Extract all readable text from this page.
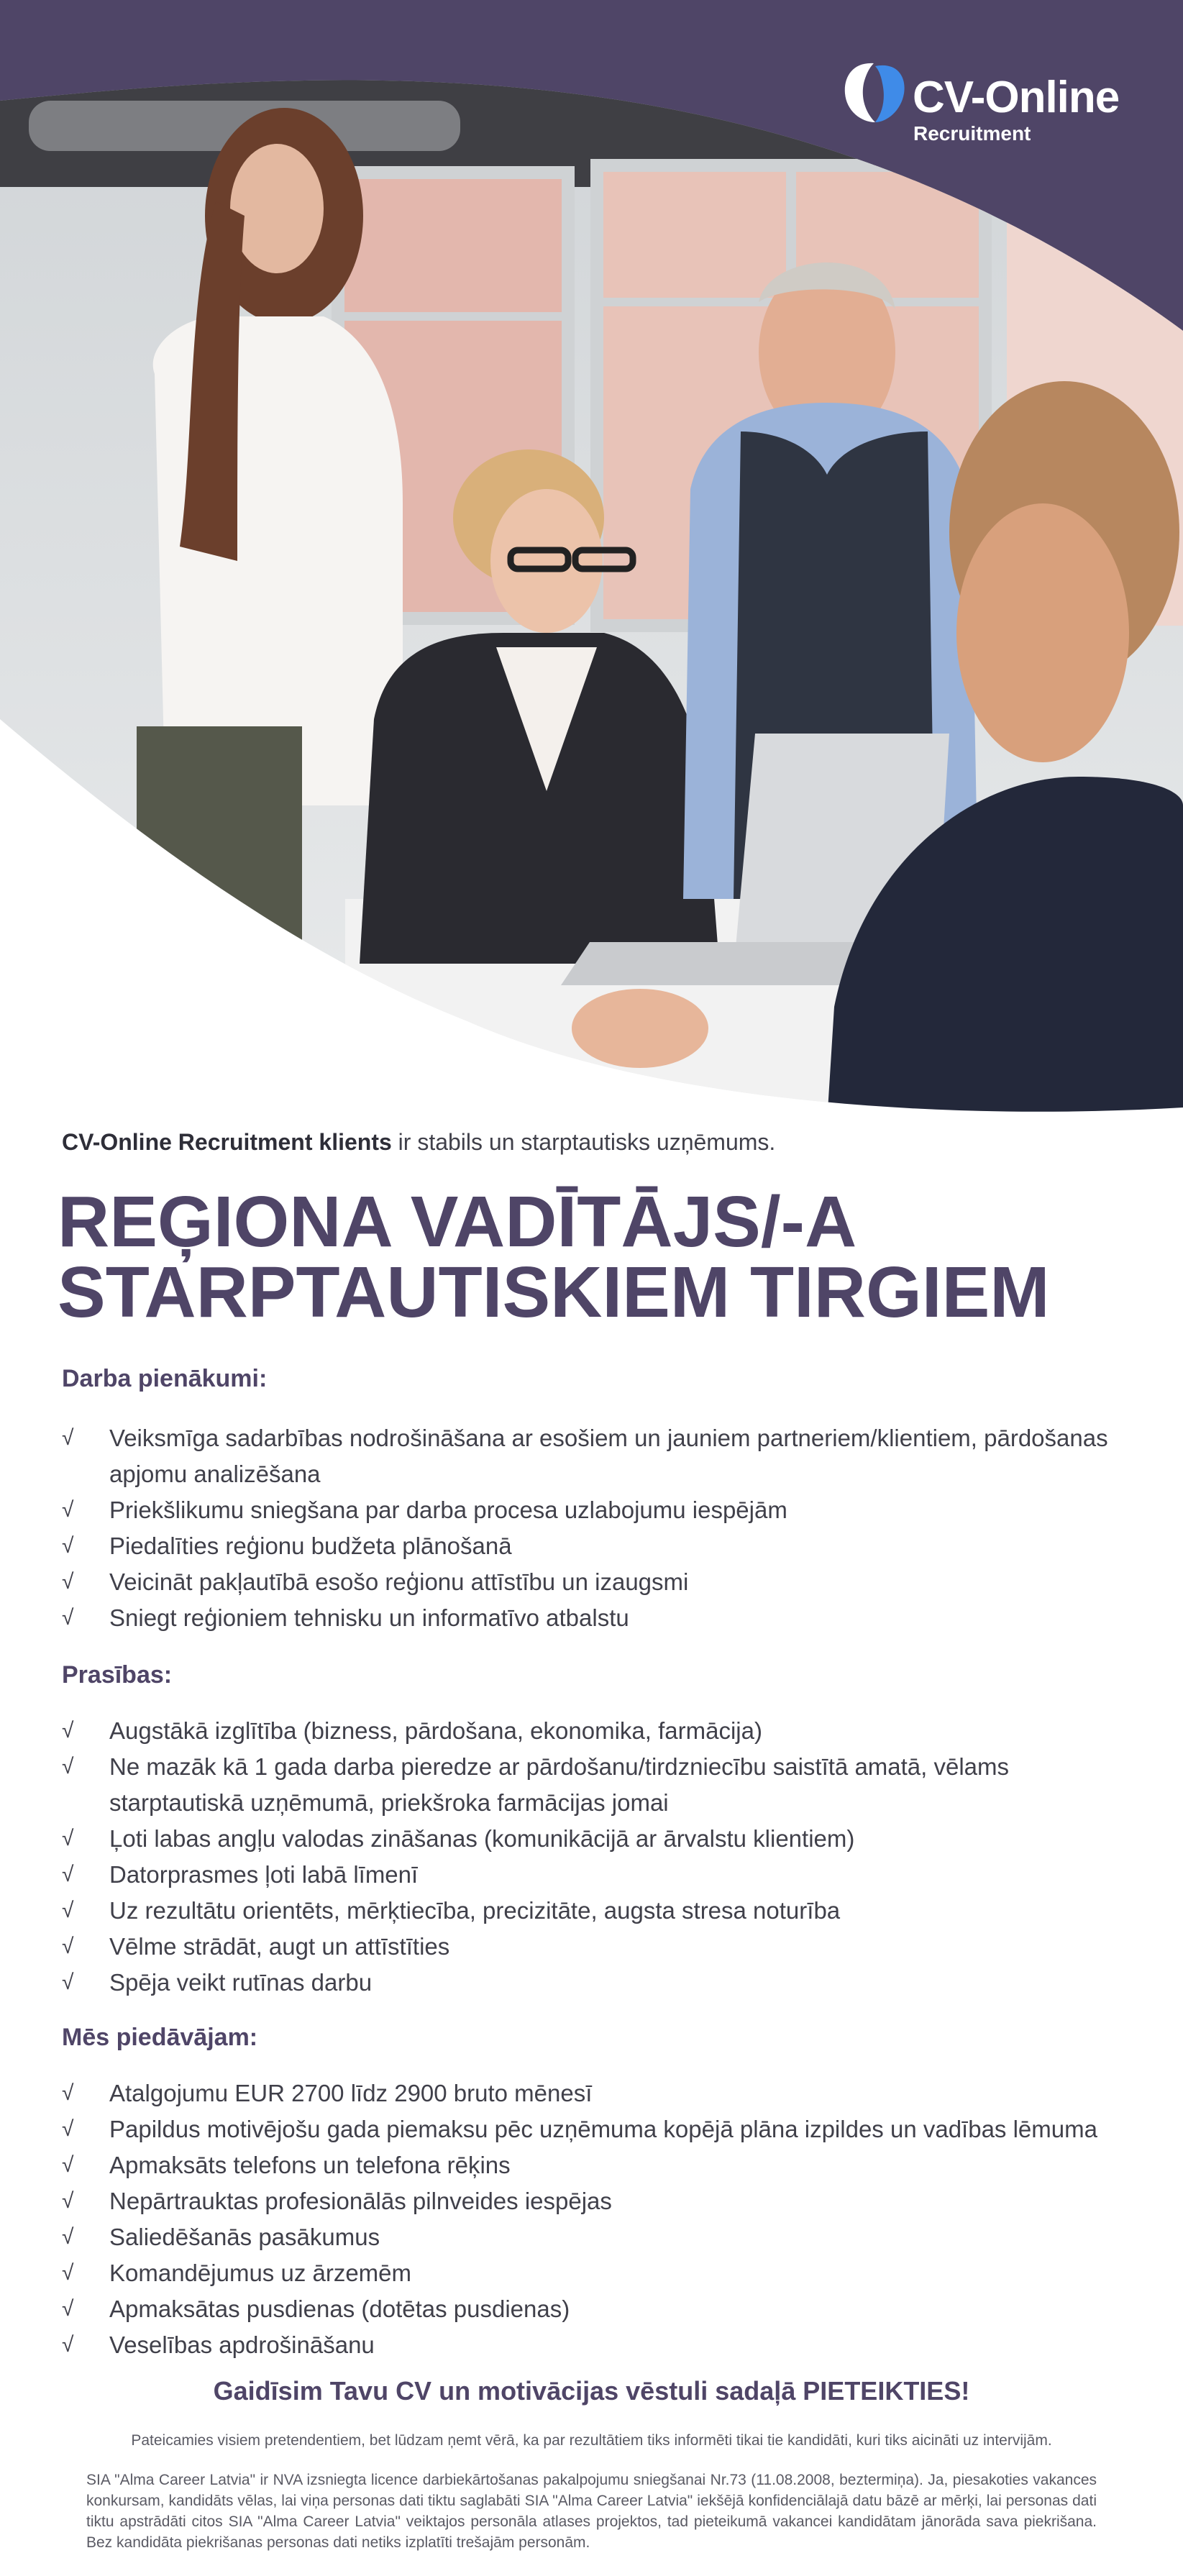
CV-Online
Recruitment
CV-Online Recruitment klients ir stabils un starptautisks uzņēmums.
REĢIONA VADĪTĀJS/-A
STARPTAUTISKIEM TIRGIEM
Darba pienākumi:
√	Veiksmīga sadarbības nodrošināšana ar esošiem un jauniem partneriem/klientiem, pārdošanas apjomu analizēšana
√	Priekšlikumu sniegšana par darba procesa uzlabojumu iespējām
√	Piedalīties reģionu budžeta plānošanā
√	Veicināt pakļautībā esošo reģionu attīstību un izaugsmi
√	Sniegt reģioniem tehnisku un informatīvo atbalstu
Prasības:
√	Augstākā izglītība (bizness, pārdošana, ekonomika, farmācija)
√	Ne mazāk kā 1 gada darba pieredze ar pārdošanu/tirdzniecību saistītā amatā, vēlams starptautiskā uzņēmumā, priekšroka farmācijas jomai
√	Ļoti labas angļu valodas zināšanas (komunikācijā ar ārvalstu klientiem)
√	Datorprasmes ļoti labā līmenī
√	Uz rezultātu orientēts, mērķtiecība, precizitāte, augsta stresa noturība
√	Vēlme strādāt, augt un attīstīties
√	Spēja veikt rutīnas darbu
Mēs piedāvājam:
√	Atalgojumu EUR 2700 līdz 2900 bruto mēnesī
√	Papildus motivējošu gada piemaksu pēc uzņēmuma kopējā plāna izpildes un vadības lēmuma
√	Apmaksāts telefons un telefona rēķins
√	Nepārtrauktas profesionālās pilnveides iespējas
√	Saliedēšanās pasākumus
√	Komandējumus uz ārzemēm
√	Apmaksātas pusdienas (dotētas pusdienas)
√	Veselības apdrošināšanu
Gaidīsim Tavu CV un motivācijas vēstuli sadaļā PIETEIKTIES!
Pateicamies visiem pretendentiem, bet lūdzam ņemt vērā, ka par rezultātiem tiks informēti tikai tie kandidāti, kuri tiks aicināti uz intervijām.

SIA "Alma Career Latvia" ir NVA izsniegta licence darbiekārtošanas pakalpojumu sniegšanai Nr.73 (11.08.2008, beztermiņa). Ja, piesakoties vakances konkursam, kandidāts vēlas, lai viņa personas dati tiktu saglabāti SIA "Alma Career Latvia" iekšējā konfidenciālajā datu bāzē ar mērķi, lai personas dati tiktu apstrādāti citos SIA "Alma Career Latvia" veiktajos personāla atlases projektos, tad pieteikumā vakancei kandidātam jānorāda sava piekrišana. Bez kandidāta piekrišanas personas dati netiks izplatīti trešajām personām.
